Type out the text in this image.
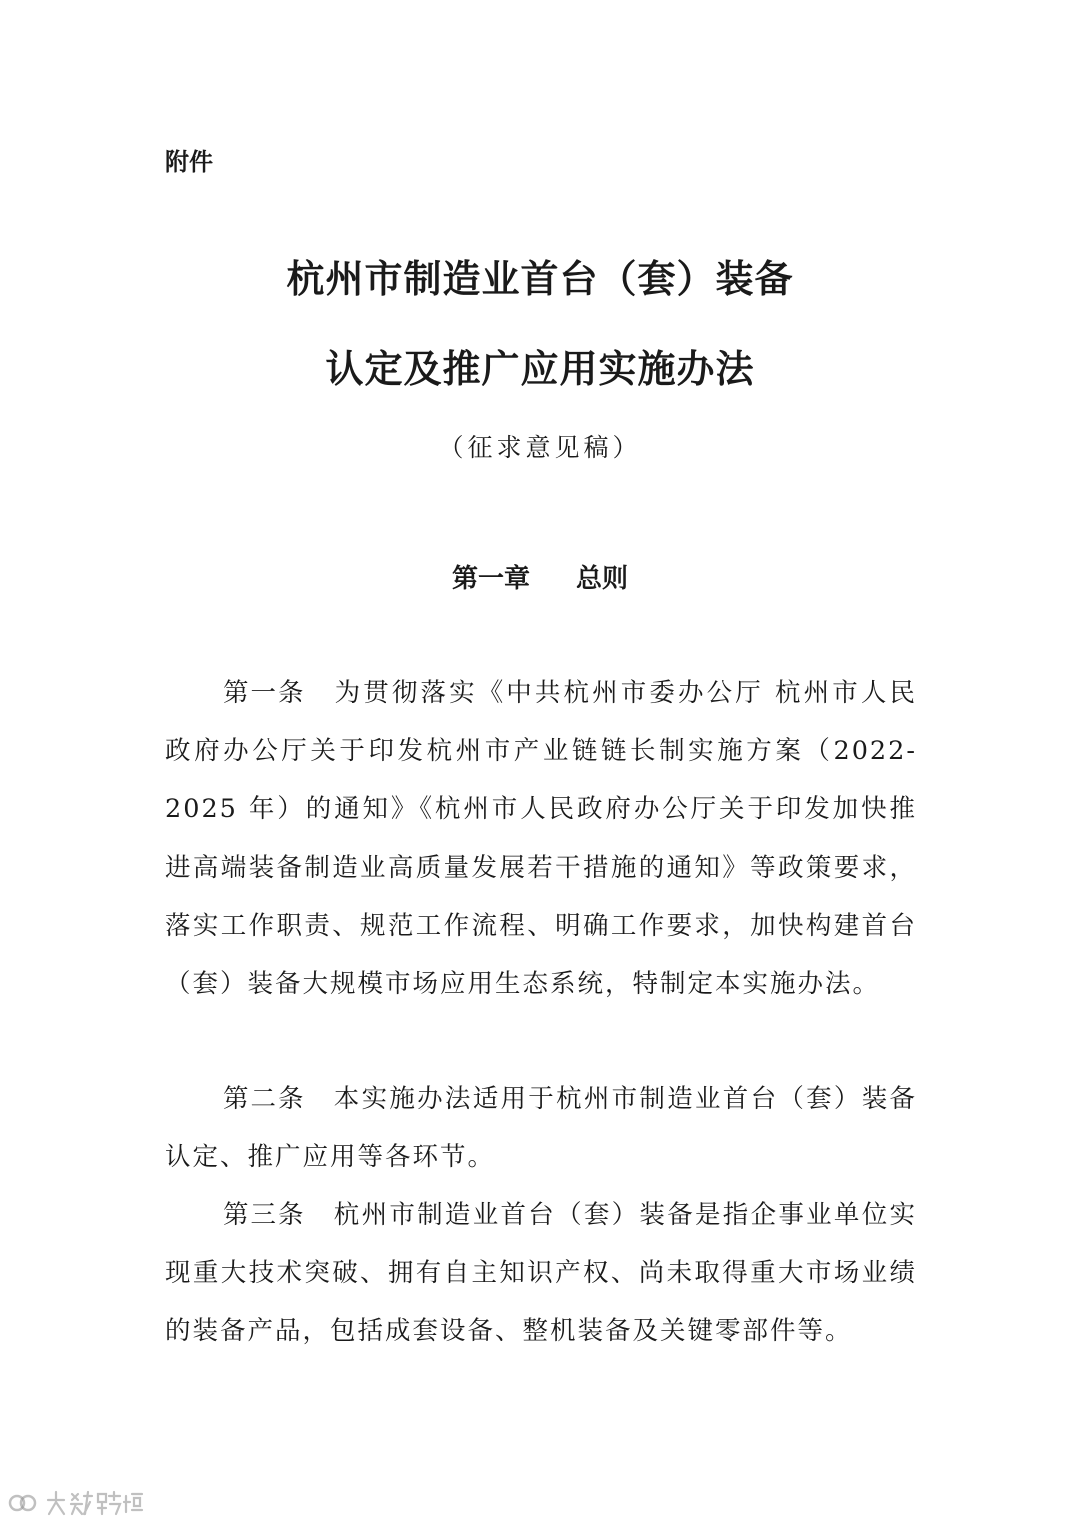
附件
杭州市制造业首台（套）装备
认定及推广应用实施办法
（征求意见稿）
第一章 总则
第一条 为贯彻落实《中共杭州市委办公厅 杭州市人民政府办公厅关于印发杭州市产业链链长制实施方案（2022-2025 年）的通知》《杭州市人民政府办公厅关于印发加快推进高端装备制造业高质量发展若干措施的通知》等政策要求，落实工作职责、规范工作流程、明确工作要求，加快构建首台（套）装备大规模市场应用生态系统，特制定本实施办法。
第二条 本实施办法适用于杭州市制造业首台（套）装备认定、推广应用等各环节。
第三条 杭州市制造业首台（套）装备是指企事业单位实现重大技术突破、拥有自主知识产权、尚未取得重大市场业绩的装备产品，包括成套设备、整机装备及关键零部件等。
